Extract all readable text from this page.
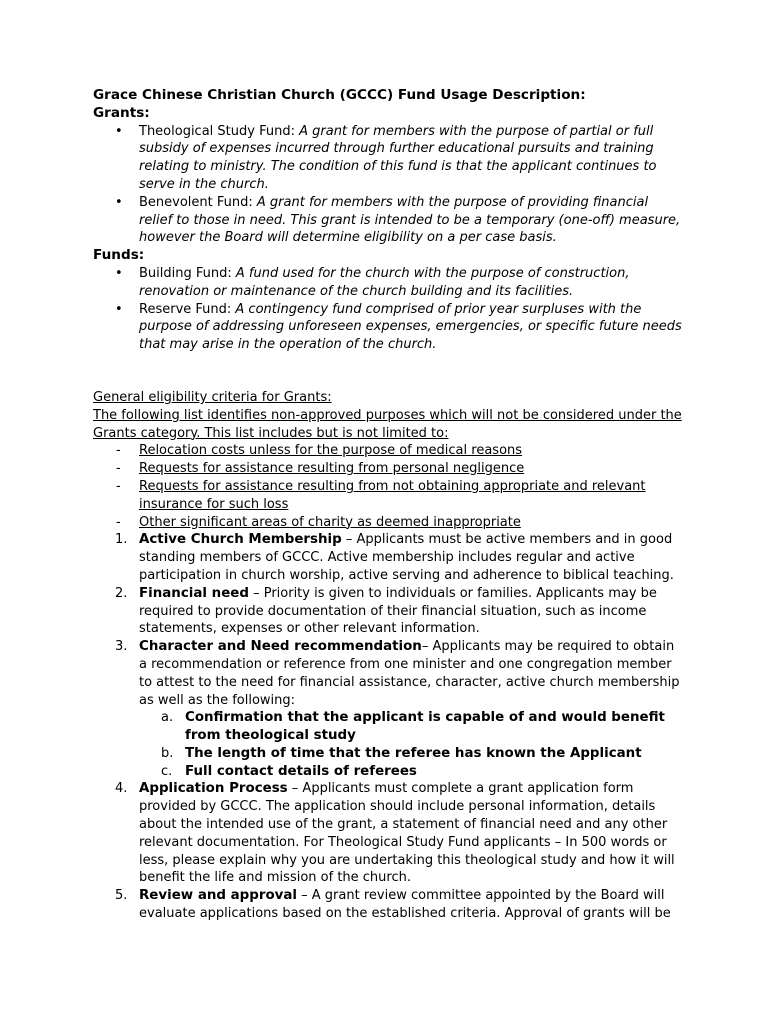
Grace Chinese Christian Church (GCCC) Fund Usage Description:
Grants:
• Theological Study Fund: A grant for members with the purpose of partial or full subsidy of expenses incurred through further educational pursuits and training relating to ministry. The condition of this fund is that the applicant continues to serve in the church.
• Benevolent Fund: A grant for members with the purpose of providing financial relief to those in need. This grant is intended to be a temporary (one-off) measure, however the Board will determine eligibility on a per case basis.
Funds:
• Building Fund: A fund used for the church with the purpose of construction, renovation or maintenance of the church building and its facilities.
• Reserve Fund: A contingency fund comprised of prior year surpluses with the purpose of addressing unforeseen expenses, emergencies, or specific future needs that may arise in the operation of the church.
General eligibility criteria for Grants:
The following list identifies non-approved purposes which will not be considered under the Grants category. This list includes but is not limited to:
- Relocation costs unless for the purpose of medical reasons
- Requests for assistance resulting from personal negligence
- Requests for assistance resulting from not obtaining appropriate and relevant insurance for such loss
- Other significant areas of charity as deemed inappropriate
1. Active Church Membership – Applicants must be active members and in good standing members of GCCC. Active membership includes regular and active participation in church worship, active serving and adherence to biblical teaching.
2. Financial need – Priority is given to individuals or families. Applicants may be required to provide documentation of their financial situation, such as income statements, expenses or other relevant information.
3. Character and Need recommendation– Applicants may be required to obtain a recommendation or reference from one minister and one congregation member to attest to the need for financial assistance, character, active church membership as well as the following:
a. Confirmation that the applicant is capable of and would benefit from theological study
b. The length of time that the referee has known the Applicant
c. Full contact details of referees
4. Application Process – Applicants must complete a grant application form provided by GCCC. The application should include personal information, details about the intended use of the grant, a statement of financial need and any other relevant documentation. For Theological Study Fund applicants – In 500 words or less, please explain why you are undertaking this theological study and how it will benefit the life and mission of the church.
5. Review and approval – A grant review committee appointed by the Board will evaluate applications based on the established criteria. Approval of grants will be
